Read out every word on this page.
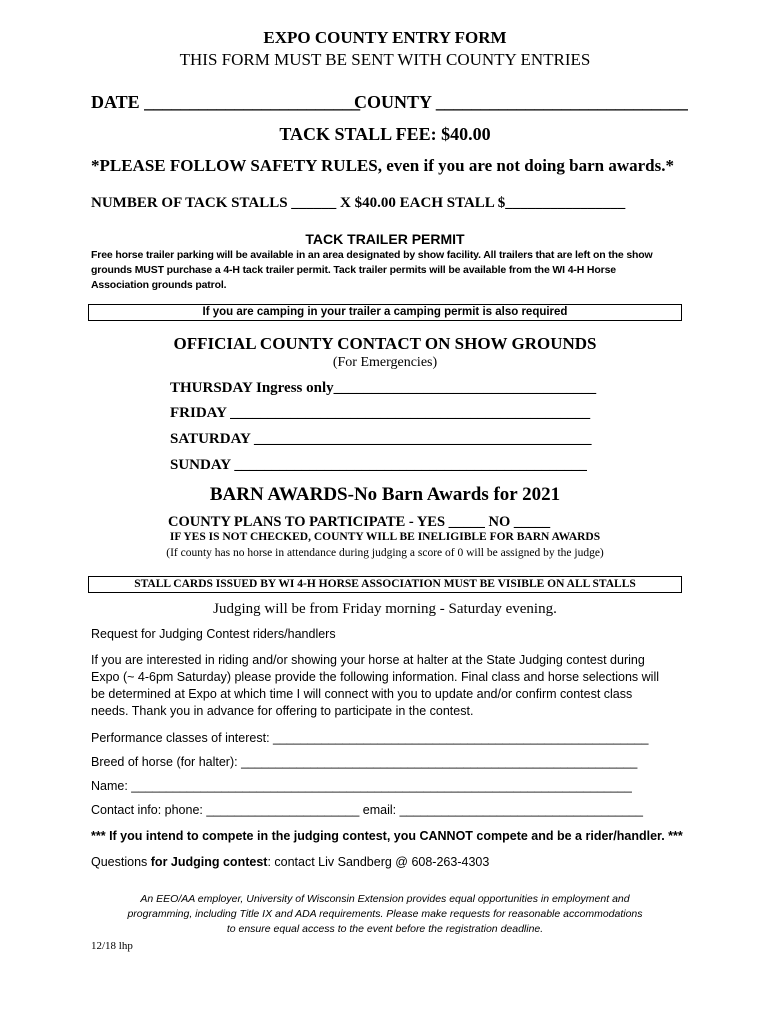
EXPO COUNTY ENTRY FORM
THIS FORM MUST BE SENT WITH COUNTY ENTRIES
DATE ________________________
COUNTY ____________________________
TACK STALL FEE: $40.00
*PLEASE FOLLOW SAFETY RULES, even if you are not doing barn awards.*
NUMBER OF TACK STALLS ______ X $40.00 EACH STALL $________________
TACK TRAILER PERMIT
Free horse trailer parking will be available in an area designated by show facility. All trailers that are left on the show
grounds MUST purchase a 4-H tack trailer permit. Tack trailer permits will be available from the WI 4-H Horse
Association grounds patrol.
If you are camping in your trailer a camping permit is also required
OFFICIAL COUNTY CONTACT ON SHOW GROUNDS
(For Emergencies)
THURSDAY Ingress only___________________________________
FRIDAY ________________________________________________
SATURDAY _____________________________________________
SUNDAY _______________________________________________
BARN AWARDS-No Barn Awards for 2021
COUNTY PLANS TO PARTICIPATE - YES _____ NO _____
IF YES IS NOT CHECKED, COUNTY WILL BE INELIGIBLE FOR BARN AWARDS
(If county has no horse in attendance during judging a score of 0 will be assigned by the judge)
STALL CARDS ISSUED BY WI 4-H HORSE ASSOCIATION MUST BE VISIBLE ON ALL STALLS
Judging will be from Friday morning - Saturday evening.
Request for Judging Contest riders/handlers
If you are interested in riding and/or showing your horse at halter at the State Judging contest during
Expo (~ 4-6pm Saturday) please provide the following information. Final class and horse selections will
be determined at Expo at which time I will connect with you to update and/or confirm contest class
needs. Thank you in advance for offering to participate in the contest.
Performance classes of interest: ______________________________________________________
Breed of horse (for halter): _________________________________________________________
Name: ________________________________________________________________________
Contact info: phone: ______________________ email: ___________________________________
*** If you intend to compete in the judging contest, you CANNOT compete and be a rider/handler. ***
Questions for Judging contest: contact Liv Sandberg @ 608-263-4303
An EEO/AA employer, University of Wisconsin Extension provides equal opportunities in employment and
programming, including Title IX and ADA requirements. Please make requests for reasonable accommodations
to ensure equal access to the event before the registration deadline.
12/18 lhp
